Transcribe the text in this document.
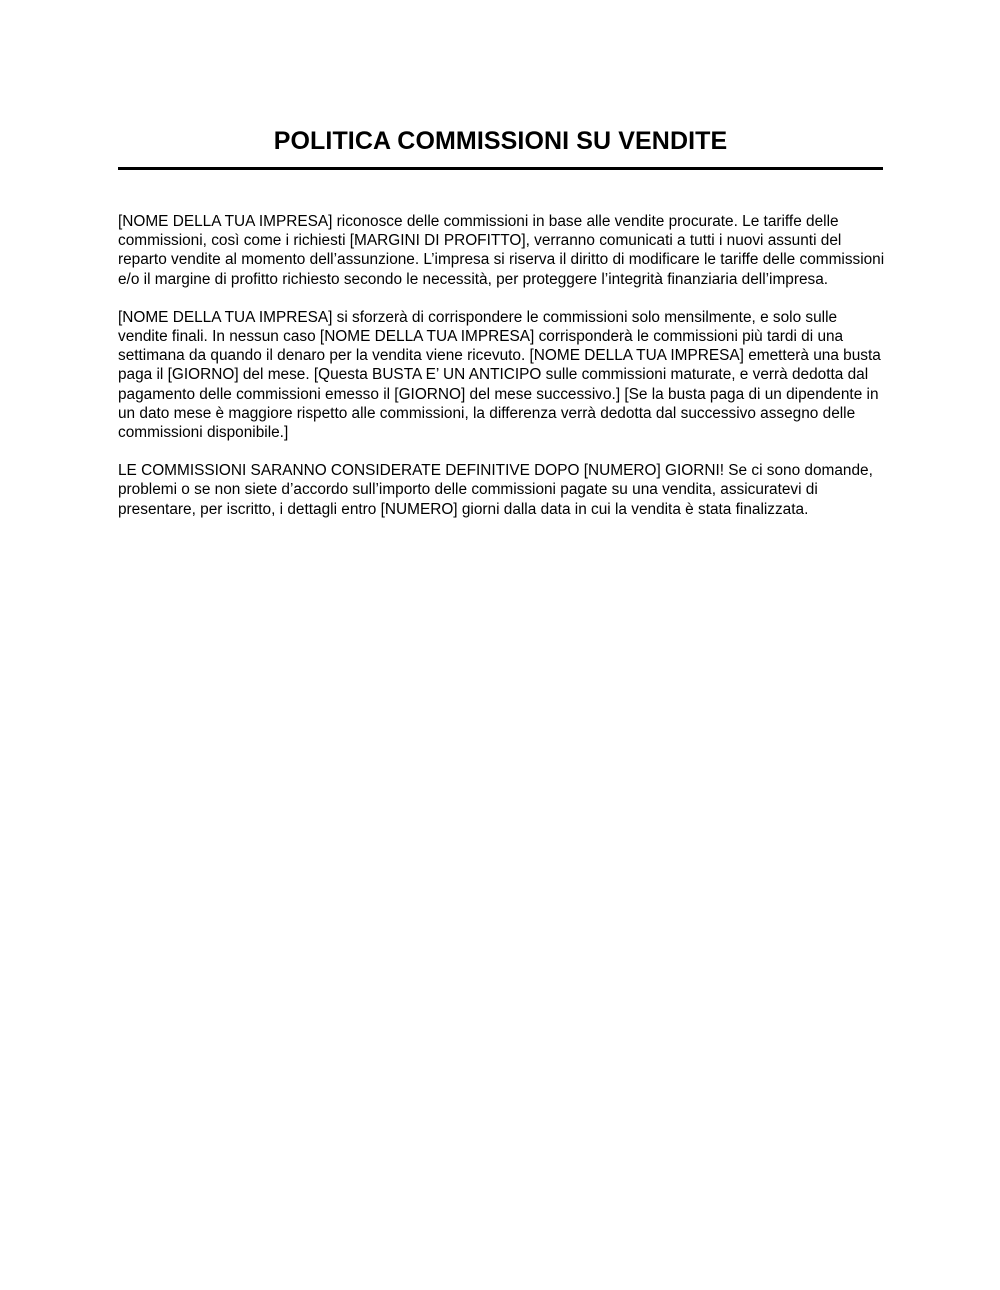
POLITICA COMMISSIONI SU VENDITE

[NOME DELLA TUA IMPRESA] riconosce delle commissioni in base alle vendite procurate. Le tariffe delle commissioni, così come i richiesti [MARGINI DI PROFITTO], verranno comunicati a tutti i nuovi assunti del reparto vendite al momento dell’assunzione. L’impresa si riserva il diritto di modificare le tariffe delle commissioni e/o il margine di profitto richiesto secondo le necessità, per proteggere l’integrità finanziaria dell’impresa.

[NOME DELLA TUA IMPRESA] si sforzerà di corrispondere le commissioni solo mensilmente, e solo sulle vendite finali. In nessun caso [NOME DELLA TUA IMPRESA] corrisponderà le commissioni più tardi di una settimana da quando il denaro per la vendita viene ricevuto. [NOME DELLA TUA IMPRESA] emetterà una busta paga il [GIORNO] del mese. [Questa BUSTA E’ UN ANTICIPO sulle commissioni maturate, e verrà dedotta dal pagamento delle commissioni emesso il [GIORNO] del mese successivo.] [Se la busta paga di un dipendente in un dato mese è maggiore rispetto alle commissioni, la differenza verrà dedotta dal successivo assegno delle commissioni disponibile.]

LE COMMISSIONI SARANNO CONSIDERATE DEFINITIVE DOPO [NUMERO] GIORNI! Se ci sono domande, problemi o se non siete d’accordo sull’importo delle commissioni pagate su una vendita, assicuratevi di presentare, per iscritto, i dettagli entro [NUMERO] giorni dalla data in cui la vendita è stata finalizzata.
